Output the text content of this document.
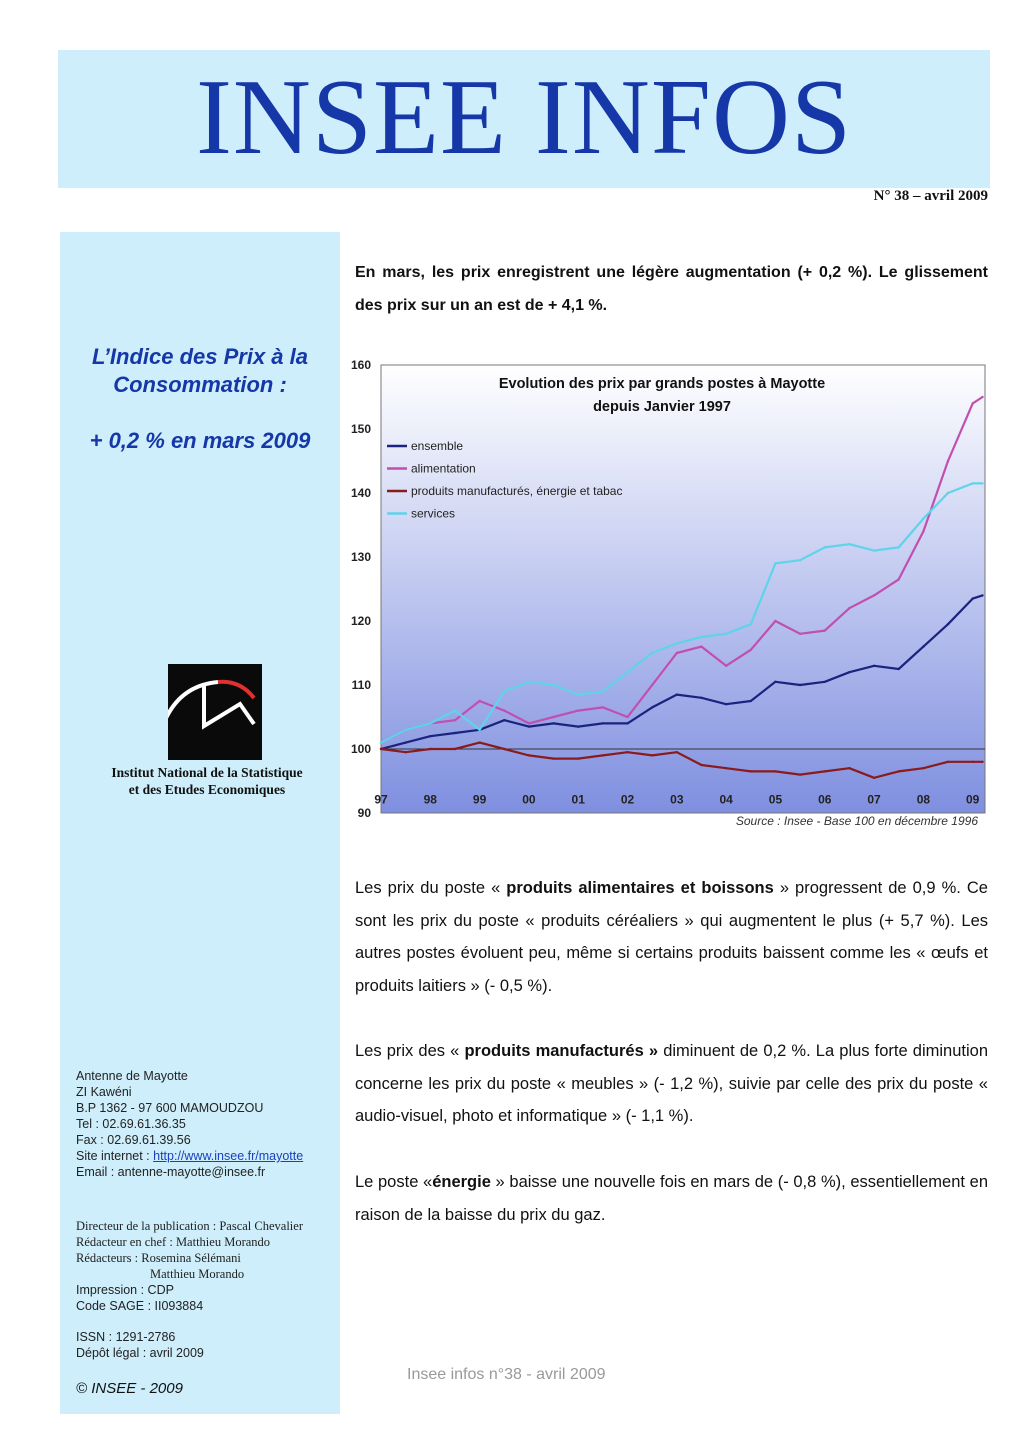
INSEE INFOS
N° 38 – avril 2009
L’Indice des Prix à la
Consommation :
+ 0,2 % en mars 2009
Institut National de la Statistique
et des Etudes Economiques
Antenne de Mayotte
ZI Kawéni
B.P 1362 - 97 600 MAMOUDZOU
Tel : 02.69.61.36.35
Fax : 02.69.61.39.56
Site internet : http://www.insee.fr/mayotte
Email : antenne-mayotte@insee.fr
Directeur de la publication : Pascal Chevalier
Rédacteur en chef : Matthieu Morando
Rédacteurs : Rosemina Sélémani
Matthieu Morando
Impression : CDP
Code SAGE : II093884
ISSN : 1291-2786
Dépôt légal : avril 2009
© INSEE - 2009
En mars, les prix enregistrent une légère augmentation (+ 0,2 %). Le glissement des prix sur un an est de + 4,1 %.
90
100
110
120
130
140
150
160
97	98	99	00	01	02	03	04	05	06	07	08	09
Evolution des prix par grands postes à Mayotte
depuis Janvier 1997
ensemble
alimentation
produits manufacturés, énergie et tabac
services
Source : Insee - Base 100 en décembre 1996
Les prix du poste « produits alimentaires et boissons » progressent de 0,9 %. Ce sont les prix du poste « produits céréaliers » qui augmentent le plus (+ 5,7 %). Les autres postes évoluent peu, même si certains produits baissent comme les « œufs et produits laitiers » (- 0,5 %).
Les prix des « produits manufacturés » diminuent de 0,2 %. La plus forte diminution concerne les prix du poste « meubles » (- 1,2 %), suivie par celle des prix du poste « audio-visuel, photo et informatique » (- 1,1 %).
Le poste «énergie » baisse une nouvelle fois en mars de (- 0,8 %), essentiellement en raison de la baisse du prix du gaz.
Insee infos n°38 - avril 2009
